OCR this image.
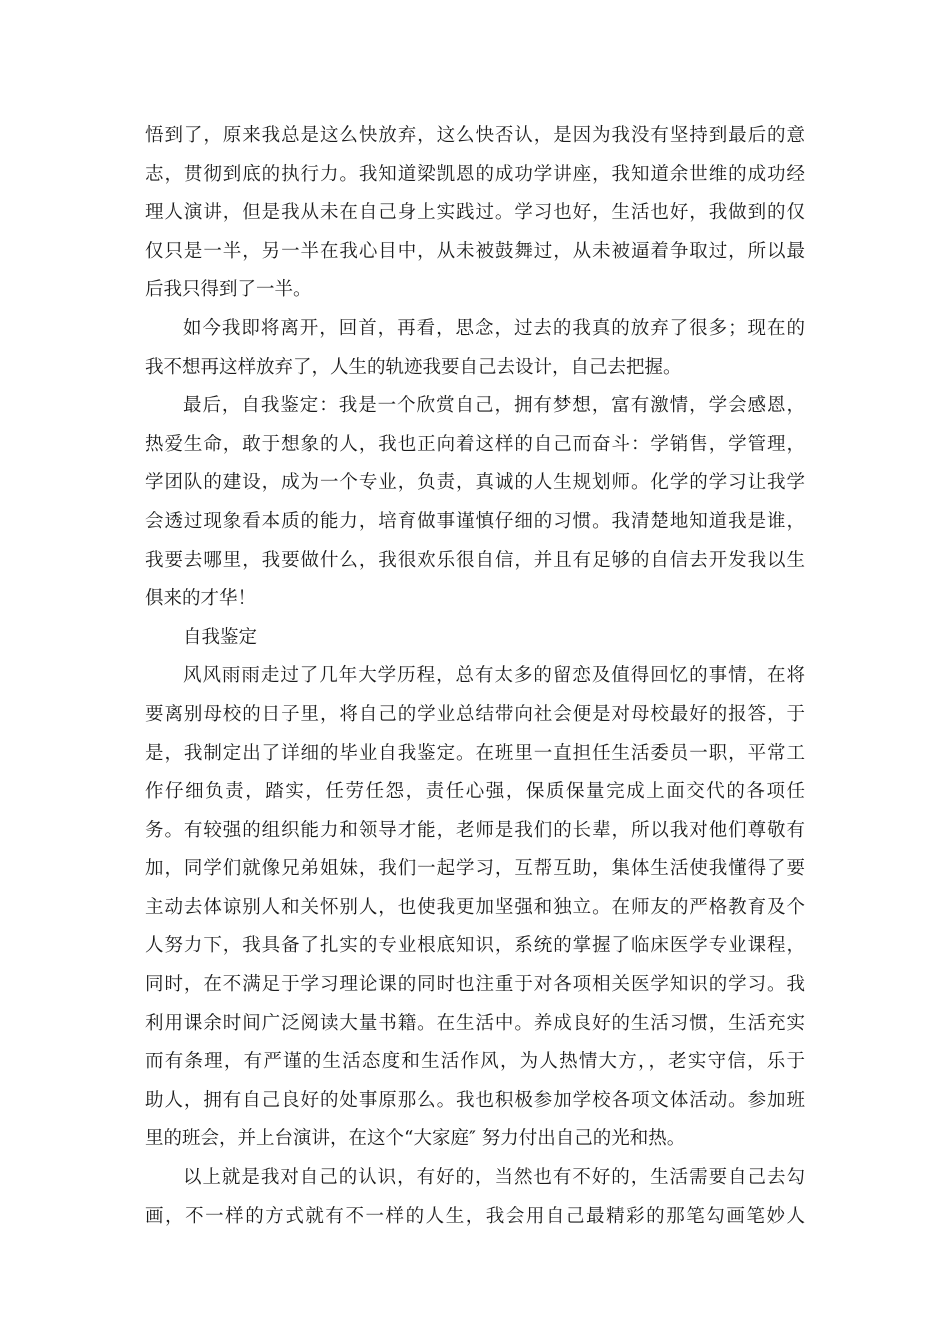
悟到了，原来我总是这么快放弃，这么快否认，是因为我没有坚持到最后的意
志，贯彻到底的执行力。我知道梁凯恩的成功学讲座，我知道余世维的成功经
理人演讲，但是我从未在自己身上实践过。学习也好，生活也好，我做到的仅
仅只是一半，另一半在我心目中，从未被鼓舞过，从未被逼着争取过，所以最
后我只得到了一半。
如今我即将离开，回首，再看，思念，过去的我真的放弃了很多；现在的
我不想再这样放弃了，人生的轨迹我要自己去设计，自己去把握。
最后，自我鉴定：我是一个欣赏自己，拥有梦想，富有激情，学会感恩，
热爱生命，敢于想象的人，我也正向着这样的自己而奋斗：学销售，学管理，
学团队的建设，成为一个专业，负责，真诚的人生规划师。化学的学习让我学
会透过现象看本质的能力，培育做事谨慎仔细的习惯。我清楚地知道我是谁，
我要去哪里，我要做什么，我很欢乐很自信，并且有足够的自信去开发我以生
俱来的才华！
自我鉴定
风风雨雨走过了几年大学历程，总有太多的留恋及值得回忆的事情，在将
要离别母校的日子里，将自己的学业总结带向社会便是对母校最好的报答，于
是，我制定出了详细的毕业自我鉴定。在班里一直担任生活委员一职，平常工
作仔细负责，踏实，任劳任怨，责任心强，保质保量完成上面交代的各项任
务。有较强的组织能力和领导才能，老师是我们的长辈，所以我对他们尊敬有
加，同学们就像兄弟姐妹，我们一起学习，互帮互助，集体生活使我懂得了要
主动去体谅别人和关怀别人，也使我更加坚强和独立。在师友的严格教育及个
人努力下，我具备了扎实的专业根底知识，系统的掌握了临床医学专业课程，
同时，在不满足于学习理论课的同时也注重于对各项相关医学知识的学习。我
利用课余时间广泛阅读大量书籍。在生活中。养成良好的生活习惯，生活充实
而有条理，有严谨的生活态度和生活作风，为人热情大方，，老实守信，乐于
助人，拥有自己良好的处事原那么。我也积极参加学校各项文体活动。参加班
里的班会，并上台演讲，在这个“大家庭″ 努力付出自己的光和热。
以上就是我对自己的认识，有好的，当然也有不好的，生活需要自己去勾
画，不一样的方式就有不一样的人生，我会用自己最精彩的那笔勾画笔妙人
